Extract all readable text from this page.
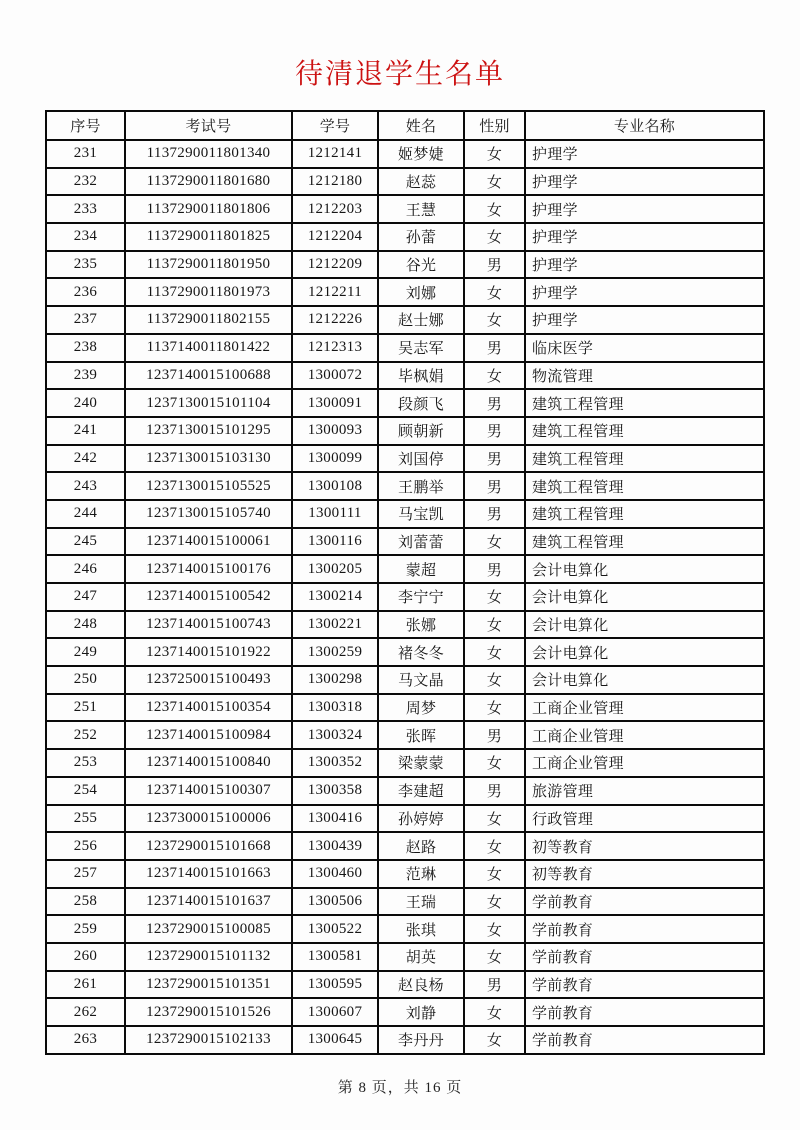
待清退学生名单
序号	考试号	学号	姓名	性别	专业名称
231	1137290011801340	1212141	姬梦婕	女	护理学
232	1137290011801680	1212180	赵蕊	女	护理学
233	1137290011801806	1212203	王慧	女	护理学
234	1137290011801825	1212204	孙蕾	女	护理学
235	1137290011801950	1212209	谷光	男	护理学
236	1137290011801973	1212211	刘娜	女	护理学
237	1137290011802155	1212226	赵士娜	女	护理学
238	1137140011801422	1212313	吴志军	男	临床医学
239	1237140015100688	1300072	毕枫娟	女	物流管理
240	1237130015101104	1300091	段颜飞	男	建筑工程管理
241	1237130015101295	1300093	顾朝新	男	建筑工程管理
242	1237130015103130	1300099	刘国停	男	建筑工程管理
243	1237130015105525	1300108	王鹏举	男	建筑工程管理
244	1237130015105740	1300111	马宝凯	男	建筑工程管理
245	1237140015100061	1300116	刘蕾蕾	女	建筑工程管理
246	1237140015100176	1300205	蒙超	男	会计电算化
247	1237140015100542	1300214	李宁宁	女	会计电算化
248	1237140015100743	1300221	张娜	女	会计电算化
249	1237140015101922	1300259	褚冬冬	女	会计电算化
250	1237250015100493	1300298	马文晶	女	会计电算化
251	1237140015100354	1300318	周梦	女	工商企业管理
252	1237140015100984	1300324	张晖	男	工商企业管理
253	1237140015100840	1300352	梁蒙蒙	女	工商企业管理
254	1237140015100307	1300358	李建超	男	旅游管理
255	1237300015100006	1300416	孙婷婷	女	行政管理
256	1237290015101668	1300439	赵路	女	初等教育
257	1237140015101663	1300460	范琳	女	初等教育
258	1237140015101637	1300506	王瑞	女	学前教育
259	1237290015100085	1300522	张琪	女	学前教育
260	1237290015101132	1300581	胡英	女	学前教育
261	1237290015101351	1300595	赵良杨	男	学前教育
262	1237290015101526	1300607	刘静	女	学前教育
263	1237290015102133	1300645	李丹丹	女	学前教育
第 8 页，共 16 页
